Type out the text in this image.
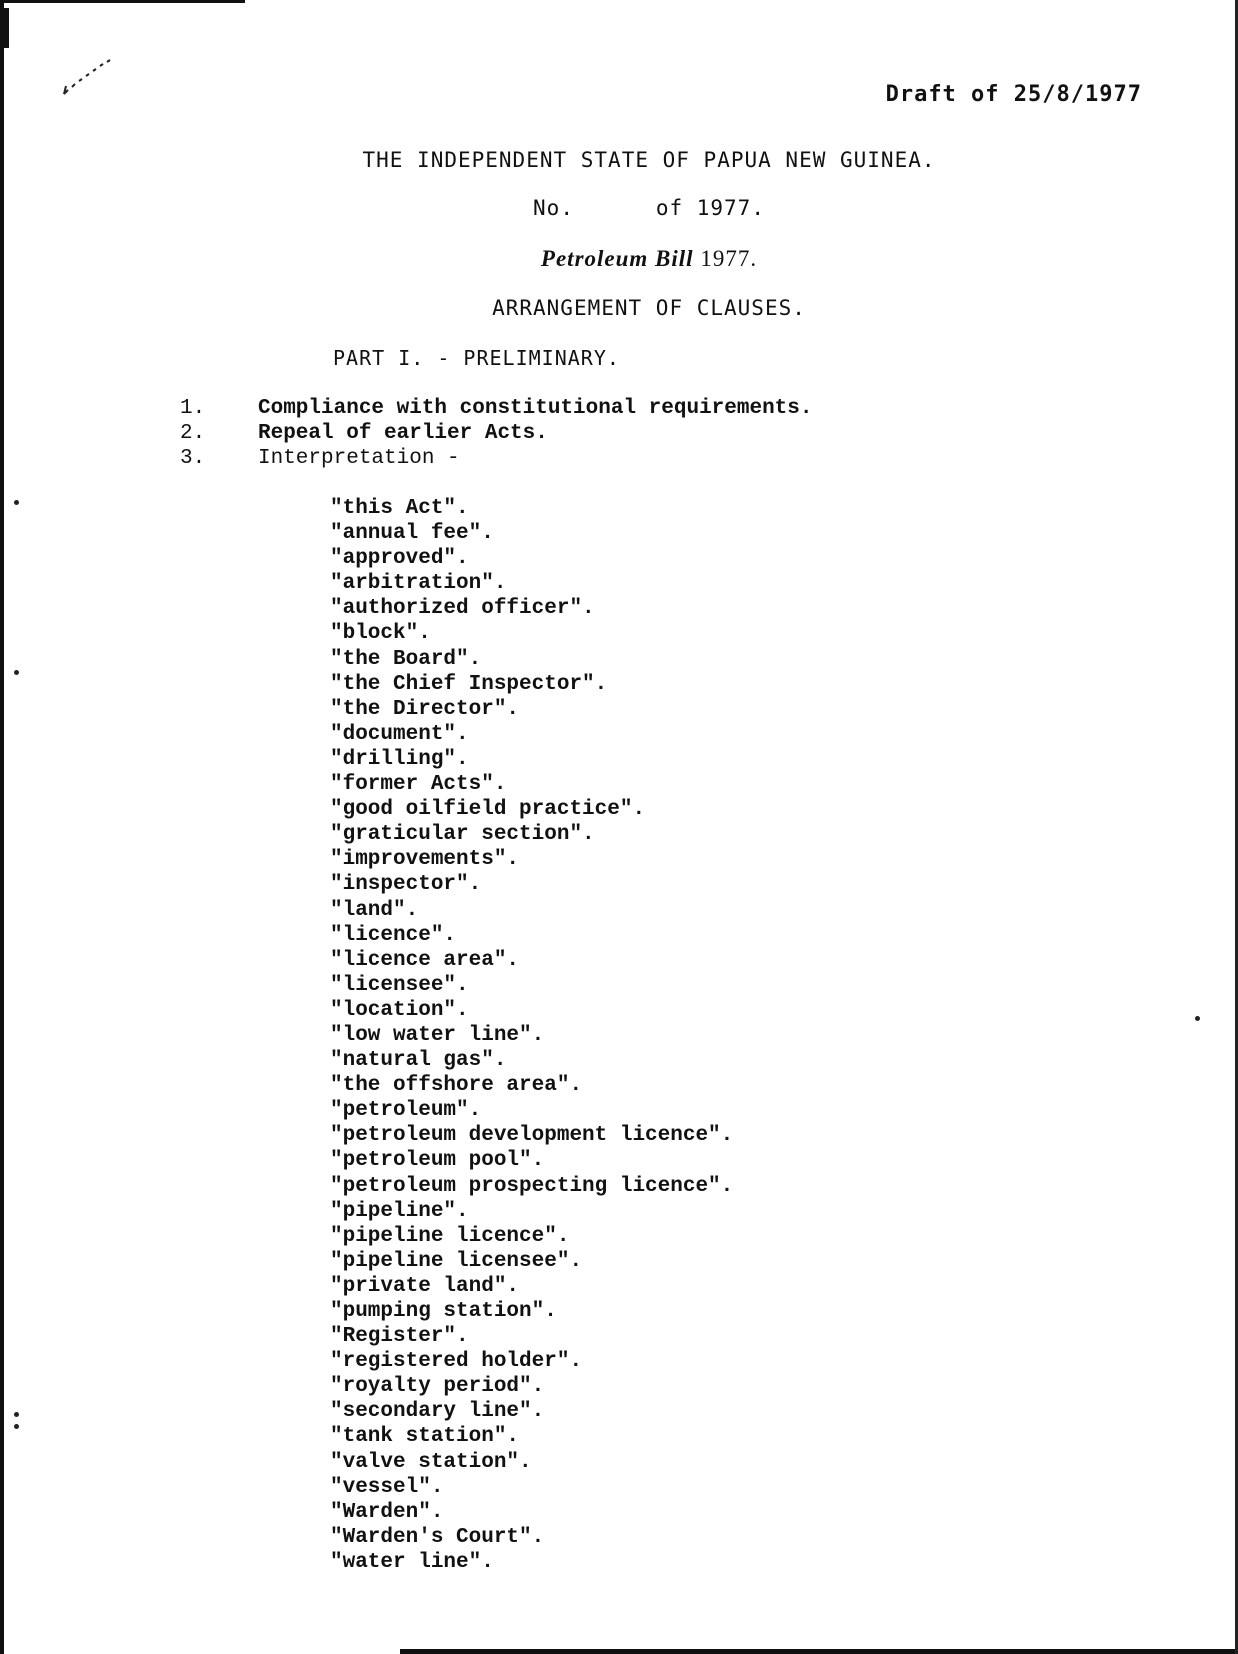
Draft of 25/8/1977
THE INDEPENDENT STATE OF PAPUA NEW GUINEA.
No.      of 1977.
Petroleum Bill 1977.
ARRANGEMENT OF CLAUSES.
PART I. - PRELIMINARY.
1.	Compliance with constitutional requirements.
2.	Repeal of earlier Acts.
3.	Interpretation -
"this Act".
"annual fee".
"approved".
"arbitration".
"authorized officer".
"block".
"the Board".
"the Chief Inspector".
"the Director".
"document".
"drilling".
"former Acts".
"good oilfield practice".
"graticular section".
"improvements".
"inspector".
"land".
"licence".
"licence area".
"licensee".
"location".
"low water line".
"natural gas".
"the offshore area".
"petroleum".
"petroleum development licence".
"petroleum pool".
"petroleum prospecting licence".
"pipeline".
"pipeline licence".
"pipeline licensee".
"private land".
"pumping station".
"Register".
"registered holder".
"royalty period".
"secondary line".
"tank station".
"valve station".
"vessel".
"Warden".
"Warden's Court".
"water line".
